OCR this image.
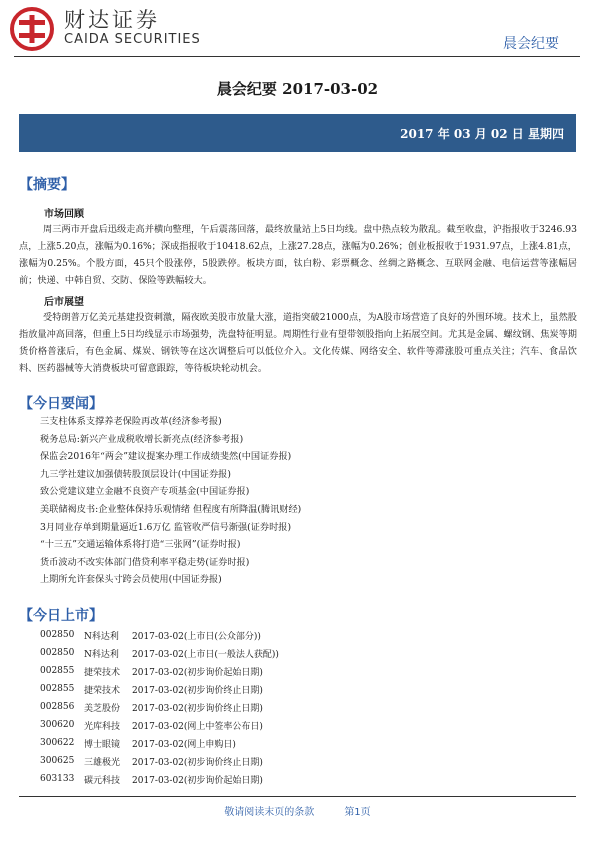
财达证券
CAIDA SECURITIES	晨会纪要
晨会纪要 2017-03-02
2017 年 03 月 02 日 星期四
【摘要】
市场回顾
周三两市开盘后迅级走高并横向整理，午后震荡回落，最终放量站上5日均线。盘中热点较为散乱。截至收盘，沪指报收于3246.93点，上涨5.20点，涨幅为0.16%；深成指报收于10418.62点，上涨27.28点，涨幅为0.26%；创业板报收于1931.97点，上涨4.81点，涨幅为0.25%。个股方面，45只个股涨停，5股跌停。板块方面，钛白粉、彩票概念、丝绸之路概念、互联网金融、电信运营等涨幅居前；快递、中韩自贸、交防、保险等跌幅较大。
后市展望
受特朗普万亿美元基建投资刺激，隔夜欧美股市放量大涨，道指突破21000点，为A股市场营造了良好的外围环境。技术上，虽然股指放量冲高回落，但重上5日均线显示市场强势，洗盘特征明显。周期性行业有望带领股指向上拓展空间。尤其是金属、螺纹钢、焦炭等期货价格普涨后，有色金属、煤炭、钢铁等在这次调整后可以低位介入。文化传媒、网络安全、软件等滞涨股可重点关注；汽车、食品饮料、医药器械等大消费板块可留意跟踪，等待板块轮动机会。
【今日要闻】
三支柱体系支撑养老保险再改革(经济参考报)
税务总局:新兴产业成税收增长新亮点(经济参考报)
保监会2016年“两会”建议提案办理工作成绩斐然(中国证券报)
九三学社建议加强债转股顶层设计(中国证券报)
致公党建议建立金融不良资产专项基金(中国证券报)
美联储褐皮书:企业整体保持乐观情绪 但程度有所降温(腾讯财经)
3月同业存单到期量逼近1.6万亿 监管收严信号渐强(证券时报)
“十三五”交通运输体系将打造“三张网”(证券时报)
货币波动不改实体部门借贷利率平稳走势(证券时报)
上期所允许套保头寸跨会员使用(中国证券报)
【今日上市】
002850	N科达利	2017-03-02(上市日(公众部分))
002850	N科达利	2017-03-02(上市日(一般法人获配))
002855	捷荣技术	2017-03-02(初步询价起始日期)
002855	捷荣技术	2017-03-02(初步询价终止日期)
002856	美芝股份	2017-03-02(初步询价终止日期)
300620	光库科技	2017-03-02(网上中签率公布日)
300622	博士眼镜	2017-03-02(网上申购日)
300625	三雄极光	2017-03-02(初步询价终止日期)
603133	碳元科技	2017-03-02(初步询价起始日期)
敬请阅读末页的条款	第1页
